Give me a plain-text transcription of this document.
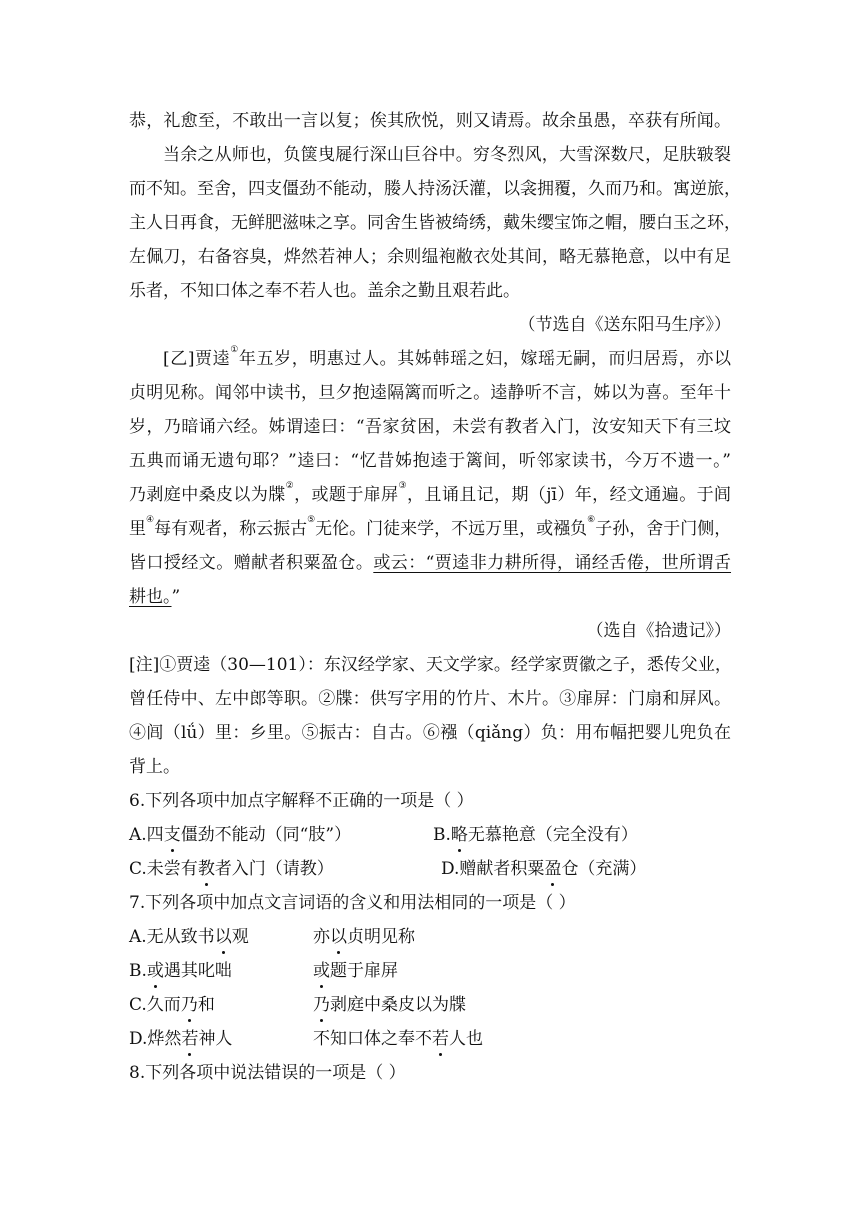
恭，礼愈至，不敢出一言以复；俟其欣悦，则又请焉。故余虽愚，卒获有所闻。
当余之从师也，负箧曳屣行深山巨谷中。穷冬烈风，大雪深数尺，足肤皲裂
而不知。至舍，四支僵劲不能动，媵人持汤沃灌，以衾拥覆，久而乃和。寓逆旅，
主人日再食，无鲜肥滋味之享。同舍生皆被绮绣，戴朱缨宝饰之帽，腰白玉之环，
左佩刀，右备容臭，烨然若神人；余则缊袍敝衣处其间，略无慕艳意，以中有足
乐者，不知口体之奉不若人也。盖余之勤且艰若此。
（节选自《送东阳马生序》）
[乙]贾逵①年五岁，明惠过人。其姊韩瑶之妇，嫁瑶无嗣，而归居焉，亦以
贞明见称。闻邻中读书，旦夕抱逵隔篱而听之。逵静听不言，姊以为喜。至年十
岁，乃暗诵六经。姊谓逵曰：“吾家贫困，未尝有教者入门，汝安知天下有三坟
五典而诵无遗句耶？”逵曰：“忆昔姊抱逵于篱间，听邻家读书，今万不遗一。”
乃剥庭中桑皮以为牒②，或题于扉屏③，且诵且记，期（jī）年，经文通遍。于闾
里④每有观者，称云振古⑤无伦。门徒来学，不远万里，或襁负⑥子孙，舍于门侧，
皆口授经文。赠献者积粟盈仓。或云：“贾逵非力耕所得，诵经舌倦，世所谓舌
耕也。”
（选自《拾遗记》）
[注]①贾逵（30—101）：东汉经学家、天文学家。经学家贾徽之子，悉传父业，
曾任侍中、左中郎等职。②牒：供写字用的竹片、木片。③扉屏：门扇和屏风。
④闾（lǘ）里：乡里。⑤振古：自古。⑥襁（qiǎng）负：用布幅把婴儿兜负在
背上。
6.下列各项中加点字解释不正确的一项是（ ）
A.四支僵劲不能动（同“肢”）	B.略无慕艳意（完全没有）
C.未尝有教者入门（请教）	D.赠献者积粟盈仓（充满）
7.下列各项中加点文言词语的含义和用法相同的一项是（ ）
A.无从致书以观	亦以贞明见称
B.或遇其叱咄	或题于扉屏
C.久而乃和	乃剥庭中桑皮以为牒
D.烨然若神人	不知口体之奉不若人也
8.下列各项中说法错误的一项是（ ）
